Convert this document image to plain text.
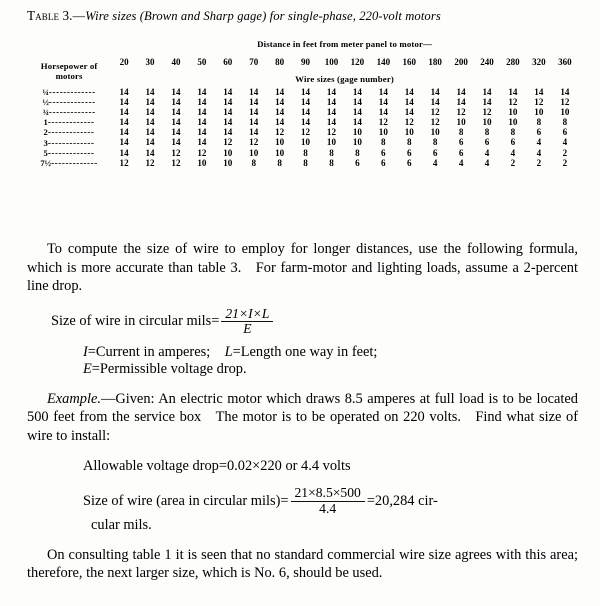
Table 3.—Wire sizes (Brown and Sharp gage) for single-phase, 220-volt motors
	Distance in feet from meter panel to motor—																	
Horsepower of motors	20	30	40	50	60	70	80	90	100	120	140	160	180	200	240	280	320	360
	Wire sizes (gage number)																	
¼-------------	14	14	14	14	14	14	14	14	14	14	14	14	14	14	14	14	14	14
½-------------	14	14	14	14	14	14	14	14	14	14	14	14	14	14	14	12	12	12
¾-------------	14	14	14	14	14	14	14	14	14	14	14	14	12	12	12	10	10	10
1-------------	14	14	14	14	14	14	14	14	14	14	12	12	12	10	10	10	8	8
2-------------	14	14	14	14	14	14	12	12	12	10	10	10	10	8	8	8	6	6
3-------------	14	14	14	14	12	12	10	10	10	10	8	8	8	6	6	6	4	4
5-------------	14	14	12	12	10	10	10	8	8	8	6	6	6	6	4	4	4	2
7½-------------	12	12	12	10	10	8	8	8	8	6	6	6	4	4	4	2	2	2

To compute the size of wire to employ for longer distances, use the following formula, which is more accurate than table 3. For farm-motor and lighting loads, assume a 2-percent line drop.

Size of wire in circular mils= $\frac{21\times I\times L}{E}$
I=Current in amperes; L=Length one way in feet;
E=Permissible voltage drop.

Example.—Given: An electric motor which draws 8.5 amperes at full load is to be located 500 feet from the service box The motor is to be operated on 220 volts. Find what size of wire to install:

Allowable voltage drop=0.02×220 or 4.4 volts
Size of wire (area in circular mils)= $\frac{21\times 8.5\times 500}{4.4} =20,284$ cir-
cular mils.

On consulting table 1 it is seen that no standard commercial wire size agrees with this area; therefore, the next larger size, which is No. 6, should be used.
